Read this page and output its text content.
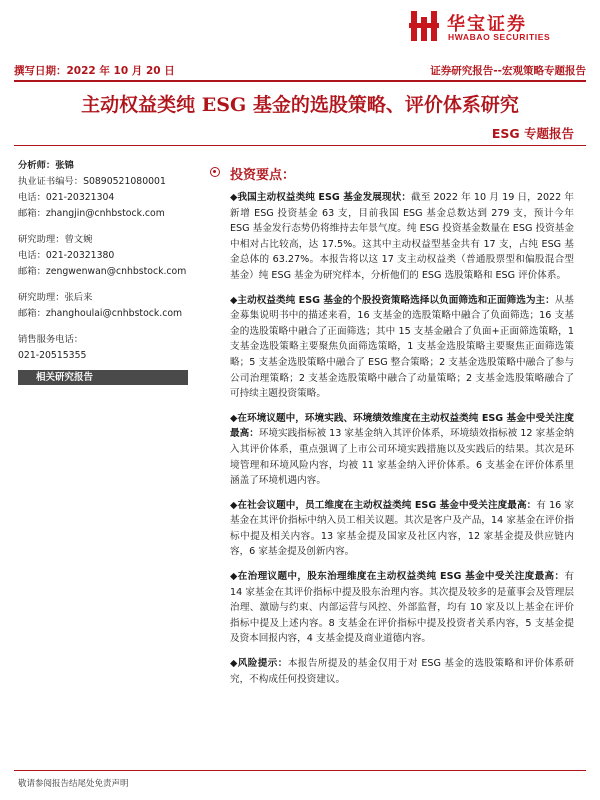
华宝证券
HWABAO SECURITIES
撰写日期：2022 年 10 月 20 日	证券研究报告--宏观策略专题报告
主动权益类纯 ESG 基金的选股策略、评价体系研究
ESG 专题报告
分析师：张锦
执业证书编号：S0890521080001
电话：021-20321304
邮箱：zhangjin@cnhbstock.com
研究助理：曾文婉
电话：021-20321380
邮箱：zengwenwan@cnhbstock.com
研究助理：张后来
邮箱：zhanghoulai@cnhbstock.com
销售服务电话：
021-20515355
相关研究报告
投资要点：

◆我国主动权益类纯 ESG 基金发展现状：截至 2022 年 10 月 19 日，2022 年新增 ESG 投资基金 63 支，目前我国 ESG 基金总数达到 279 支，预计今年 ESG 基金发行态势仍将维持去年景气度。纯 ESG 投资基金数量在 ESG 投资基金中相对占比较高，达 17.5%。这其中主动权益型基金共有 17 支，占纯 ESG 基金总体的 63.27%。本报告将以这 17 支主动权益类（普通股票型和偏股混合型基金）纯 ESG 基金为研究样本，分析他们的 ESG 选股策略和 ESG 评价体系。

◆主动权益类纯 ESG 基金的个股投资策略选择以负面筛选和正面筛选为主：从基金募集说明书中的描述来看，16 支基金的选股策略中融合了负面筛选；16 支基金的选股策略中融合了正面筛选；其中 15 支基金融合了负面+正面筛选策略，1 支基金选股策略主要聚焦负面筛选策略，1 支基金选股策略主要聚焦正面筛选策略；5 支基金选股策略中融合了 ESG 整合策略；2 支基金选股策略中融合了参与公司治理策略；2 支基金选股策略中融合了动量策略；2 支基金选股策略融合了可持续主题投资策略。

◆在环境议题中，环境实践、环境绩效维度在主动权益类纯 ESG 基金中受关注度最高：环境实践指标被 13 家基金纳入其评价体系，环境绩效指标被 12 家基金纳入其评价体系，重点强调了上市公司环境实践措施以及实践后的结果。其次是环境管理和环境风险内容，均被 11 家基金纳入评价体系。6 支基金在评价体系里涵盖了环境机遇内容。

◆在社会议题中，员工维度在主动权益类纯 ESG 基金中受关注度最高：有 16 家基金在其评价指标中纳入员工相关议题。其次是客户及产品，14 家基金在评价指标中提及相关内容。13 家基金提及国家及社区内容，12 家基金提及供应链内容，6 家基金提及创新内容。

◆在治理议题中，股东治理维度在主动权益类纯 ESG 基金中受关注度最高：有 14 家基金在其评价指标中提及股东治理内容。其次提及较多的是董事会及管理层治理、激励与约束、内部运营与风控、外部监督，均有 10 家及以上基金在评价指标中提及上述内容。8 支基金在评价指标中提及投资者关系内容，5 支基金提及资本回报内容，4 支基金提及商业道德内容。

◆风险提示：本报告所提及的基金仅用于对 ESG 基金的选股策略和评价体系研究，不构成任何投资建议。

敬请参阅报告结尾处免责声明
